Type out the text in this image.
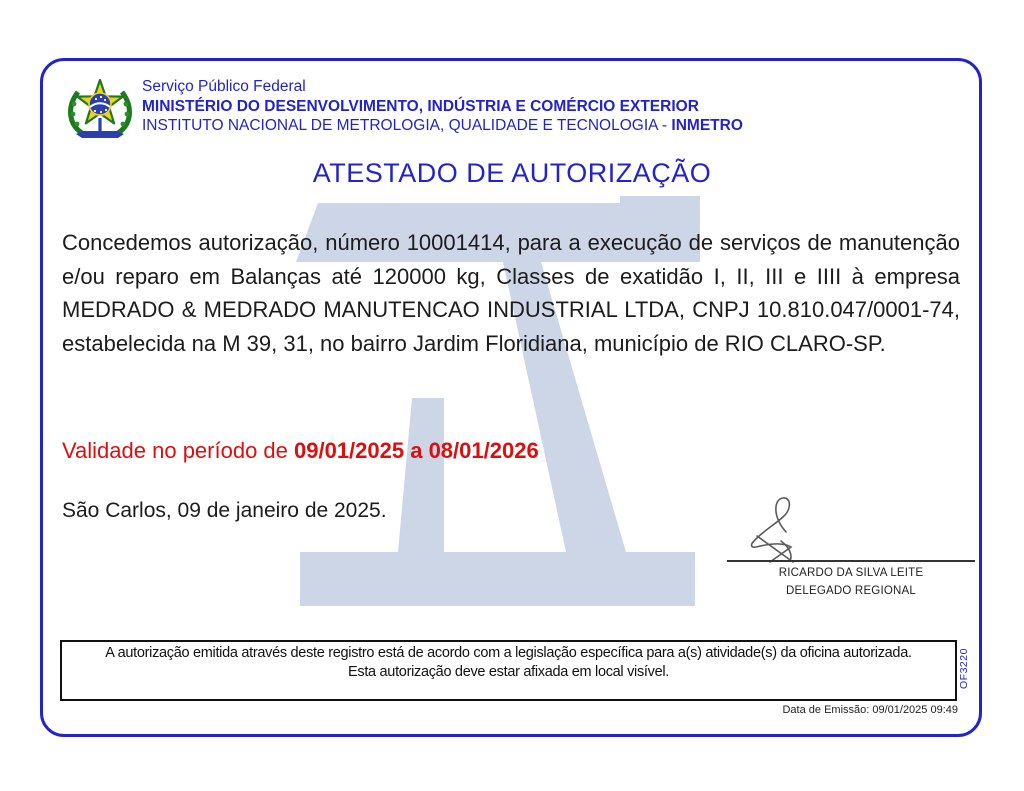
Serviço Público Federal
MINISTÉRIO DO DESENVOLVIMENTO, INDÚSTRIA E COMÉRCIO EXTERIOR
INSTITUTO NACIONAL DE METROLOGIA, QUALIDADE E TECNOLOGIA - INMETRO
ATESTADO DE AUTORIZAÇÃO

Concedemos autorização, número 10001414, para a execução de serviços de manutenção e/ou reparo em Balanças até 120000 kg, Classes de exatidão I, II, III e IIII à empresa MEDRADO & MEDRADO MANUTENCAO INDUSTRIAL LTDA, CNPJ 10.810.047/0001-74, estabelecida na M 39, 31, no bairro Jardim Floridiana, município de RIO CLARO-SP.

Validade no período de 09/01/2025 a 08/01/2026

São Carlos, 09 de janeiro de 2025.

RICARDO DA SILVA LEITE
DELEGADO REGIONAL

A autorização emitida através deste registro está de acordo com a legislação específica para a(s) atividade(s) da oficina autorizada.

Esta autorização deve estar afixada em local visível.	OF3220
Data de Emissão: 09/01/2025 09:49
